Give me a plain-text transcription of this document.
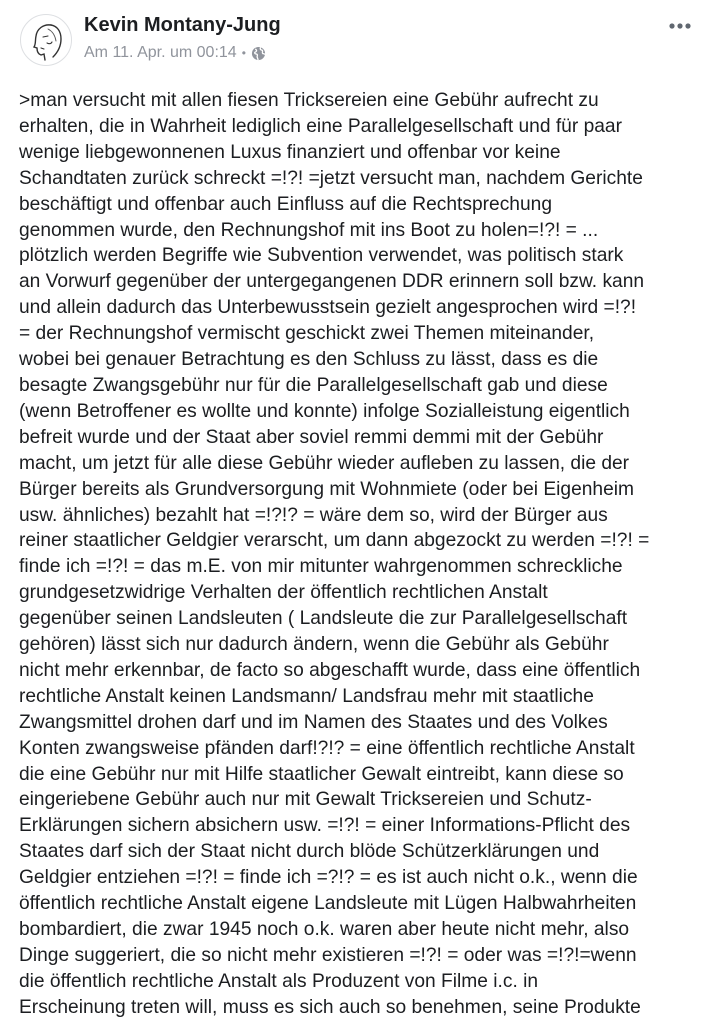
Kevin Montany-Jung
Am 11. Apr. um 00:14 •
>man versucht mit allen fiesen Tricksereien eine Gebühr aufrecht zu
erhalten, die in Wahrheit lediglich eine Parallelgesellschaft und für paar
wenige liebgewonnenen Luxus finanziert und offenbar vor keine
Schandtaten zurück schreckt =!?! =jetzt versucht man, nachdem Gerichte
beschäftigt und offenbar auch Einfluss auf die Rechtsprechung
genommen wurde, den Rechnungshof mit ins Boot zu holen=!?! = ...
plötzlich werden Begriffe wie Subvention verwendet, was politisch stark
an Vorwurf gegenüber der untergegangenen DDR erinnern soll bzw. kann
und allein dadurch das Unterbewusstsein gezielt angesprochen wird =!?!
= der Rechnungshof vermischt geschickt zwei Themen miteinander,
wobei bei genauer Betrachtung es den Schluss zu lässt, dass es die
besagte Zwangsgebühr nur für die Parallelgesellschaft gab und diese
(wenn Betroffener es wollte und konnte) infolge Sozialleistung eigentlich
befreit wurde und der Staat aber soviel remmi demmi mit der Gebühr
macht, um jetzt für alle diese Gebühr wieder aufleben zu lassen, die der
Bürger bereits als Grundversorgung mit Wohnmiete (oder bei Eigenheim
usw. ähnliches) bezahlt hat =!?!? = wäre dem so, wird der Bürger aus
reiner staatlicher Geldgier verarscht, um dann abgezockt zu werden =!?! =
finde ich =!?! = das m.E. von mir mitunter wahrgenommen schreckliche
grundgesetzwidrige Verhalten der öffentlich rechtlichen Anstalt
gegenüber seinen Landsleuten ( Landsleute die zur Parallelgesellschaft
gehören) lässt sich nur dadurch ändern, wenn die Gebühr als Gebühr
nicht mehr erkennbar, de facto so abgeschafft wurde, dass eine öffentlich
rechtliche Anstalt keinen Landsmann/ Landsfrau mehr mit staatliche
Zwangsmittel drohen darf und im Namen des Staates und des Volkes
Konten zwangsweise pfänden darf!?!? = eine öffentlich rechtliche Anstalt
die eine Gebühr nur mit Hilfe staatlicher Gewalt eintreibt, kann diese so
eingeriebene Gebühr auch nur mit Gewalt Tricksereien und Schutz-
Erklärungen sichern absichern usw. =!?! = einer Informations-Pflicht des
Staates darf sich der Staat nicht durch blöde Schützerklärungen und
Geldgier entziehen =!?! = finde ich =?!? = es ist auch nicht o.k., wenn die
öffentlich rechtliche Anstalt eigene Landsleute mit Lügen Halbwahrheiten
bombardiert, die zwar 1945 noch o.k. waren aber heute nicht mehr, also
Dinge suggeriert, die so nicht mehr existieren =!?! = oder was =!?!=wenn
die öffentlich rechtliche Anstalt als Produzent von Filme i.c. in
Erscheinung treten will, muss es sich auch so benehmen, seine Produkte
